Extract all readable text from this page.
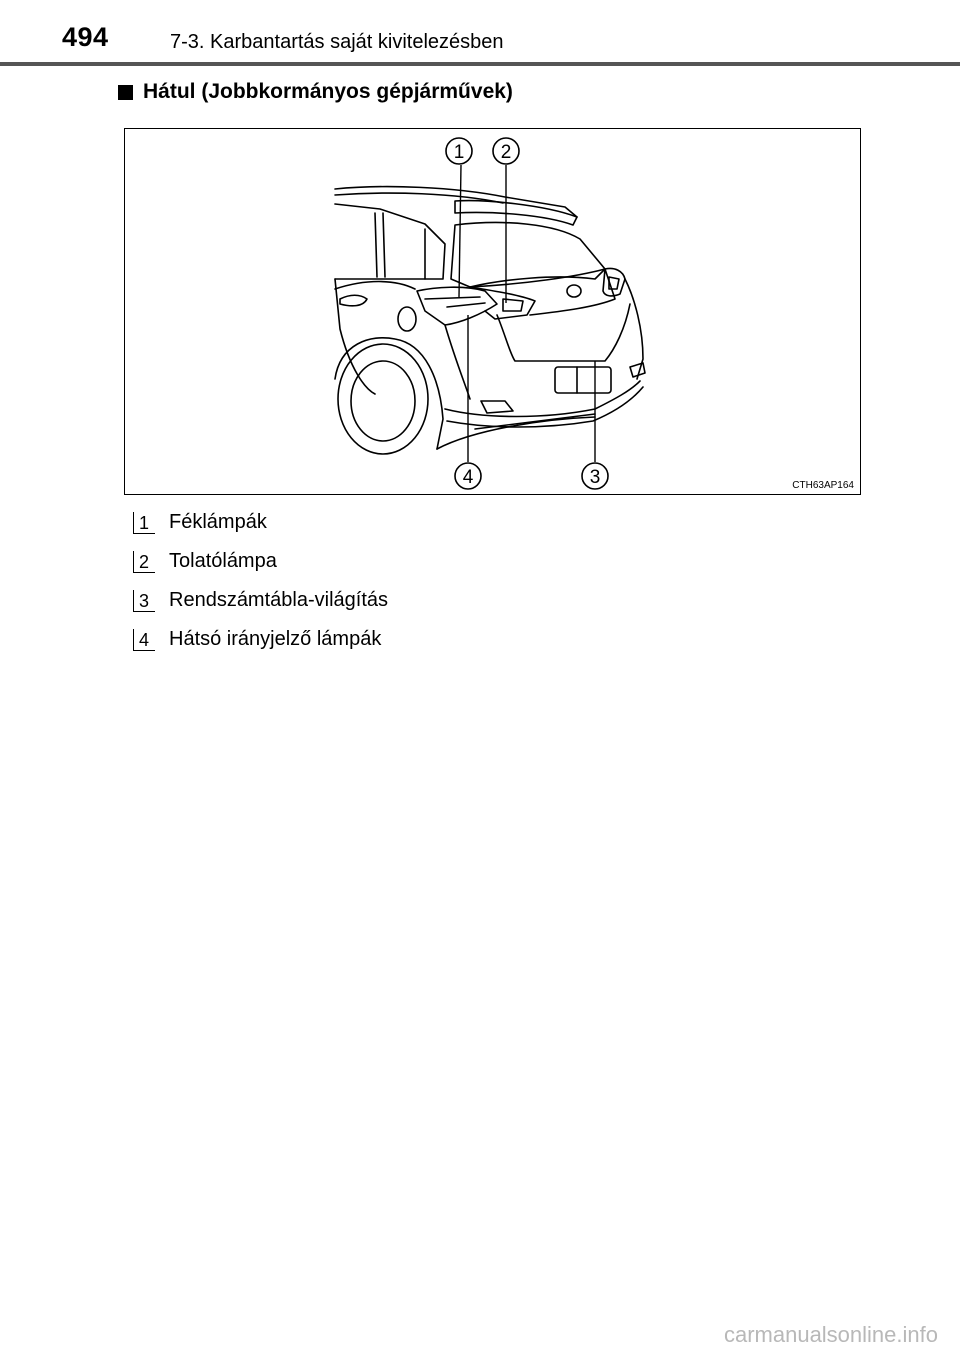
494	7-3. Karbantartás saját kivitelezésben
Hátul (Jobbkormányos gépjárművek)
1 2
3
4	CTH63AP164
1 Féklámpák
2 Tolatólámpa
3 Rendszámtábla-világítás
4 Hátsó irányjelző lámpák
carmanualsonline.info
